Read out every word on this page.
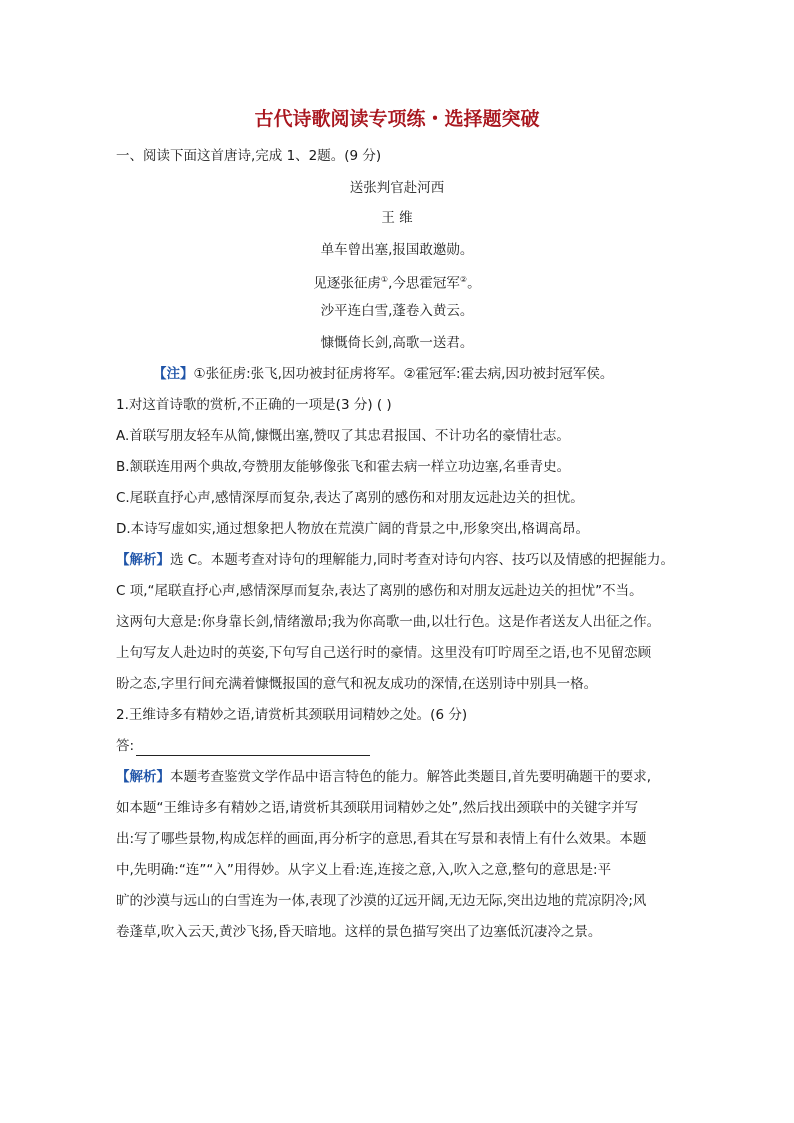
古代诗歌阅读专项练・选择题突破
一、阅读下面这首唐诗,完成 1、2题。(9 分)
送张判官赴河西
王 维
单车曾出塞,报国敢邀勋。
见逐张征虏①,今思霍冠军②。
沙平连白雪,蓬卷入黄云。
慷慨倚长剑,高歌一送君。
【注】①张征虏:张飞,因功被封征虏将军。②霍冠军:霍去病,因功被封冠军侯。
1.对这首诗歌的赏析,不正确的一项是(3 分) ( )
A.首联写朋友轻车从简,慷慨出塞,赞叹了其忠君报国、不计功名的豪情壮志。
B.颔联连用两个典故,夸赞朋友能够像张飞和霍去病一样立功边塞,名垂青史。
C.尾联直抒心声,感情深厚而复杂,表达了离别的感伤和对朋友远赴边关的担忧。
D.本诗写虚如实,通过想象把人物放在荒漠广阔的背景之中,形象突出,格调高昂。
【解析】选 C。本题考查对诗句的理解能力,同时考查对诗句内容、技巧以及情感的把握能力。
C 项,“尾联直抒心声,感情深厚而复杂,表达了离别的感伤和对朋友远赴边关的担忧”不当。
这两句大意是:你身靠长剑,情绪激昂;我为你高歌一曲,以壮行色。这是作者送友人出征之作。
上句写友人赴边时的英姿,下句写自己送行时的豪情。这里没有叮咛周至之语,也不见留恋顾
盼之态,字里行间充满着慷慨报国的意气和祝友成功的深情,在送别诗中别具一格。
2.王维诗多有精妙之语,请赏析其颈联用词精妙之处。(6 分)
答:
【解析】本题考查鉴赏文学作品中语言特色的能力。解答此类题目,首先要明确题干的要求,
如本题“王维诗多有精妙之语,请赏析其颈联用词精妙之处”,然后找出颈联中的关键字并写
出:写了哪些景物,构成怎样的画面,再分析字的意思,看其在写景和表情上有什么效果。本题
中,先明确:“连”“入”用得妙。从字义上看:连,连接之意,入,吹入之意,整句的意思是:平
旷的沙漠与远山的白雪连为一体,表现了沙漠的辽远开阔,无边无际,突出边地的荒凉阴冷;风
卷蓬草,吹入云天,黄沙飞扬,昏天暗地。这样的景色描写突出了边塞低沉凄冷之景。
